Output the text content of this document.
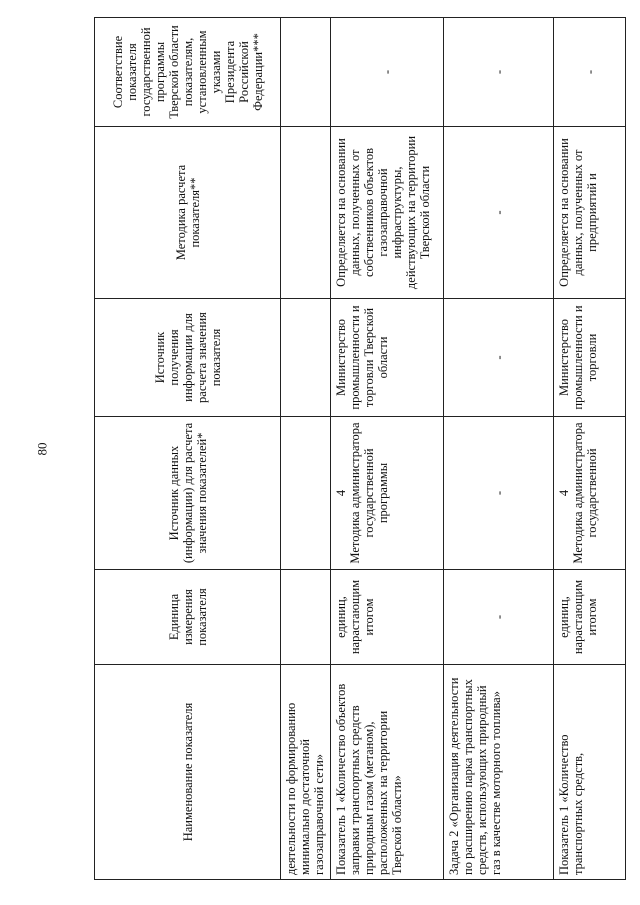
80
Наименование показателя	Единица измерения показателя	Источник данных (информации) для расчета значения показателей*	Источник получения информации для расчета значения показателя	Методика расчета показателя**	Соответствие показателя государственной программы Тверской области показателям, установленным указами Президента Российской Федерации***
деятельности по формированию минимально достаточной газозаправочной сети»					
Показатель 1 «Количество объектов заправки транспортных средств природным газом (метаном), расположенных на территории Тверской области»	единиц, нарастающим итогом	4 Методика администратора государственной программы	Министерство промышленности и торговли Тверской области	Определяется на основании данных, полученных от собственников объектов газозаправочной инфраструктуры, действующих на территории Тверской области	-
Задача 2 «Организация деятельности по расширению парка транспортных средств, использующих природный газ в качестве моторного топлива»	-	-	-	-	-
Показатель 1 «Количество транспортных средств,	единиц, нарастающим итогом	4 Методика администратора государственной	Министерство промышленности и торговли	Определяется на основании данных, полученных от предприятий и	-
